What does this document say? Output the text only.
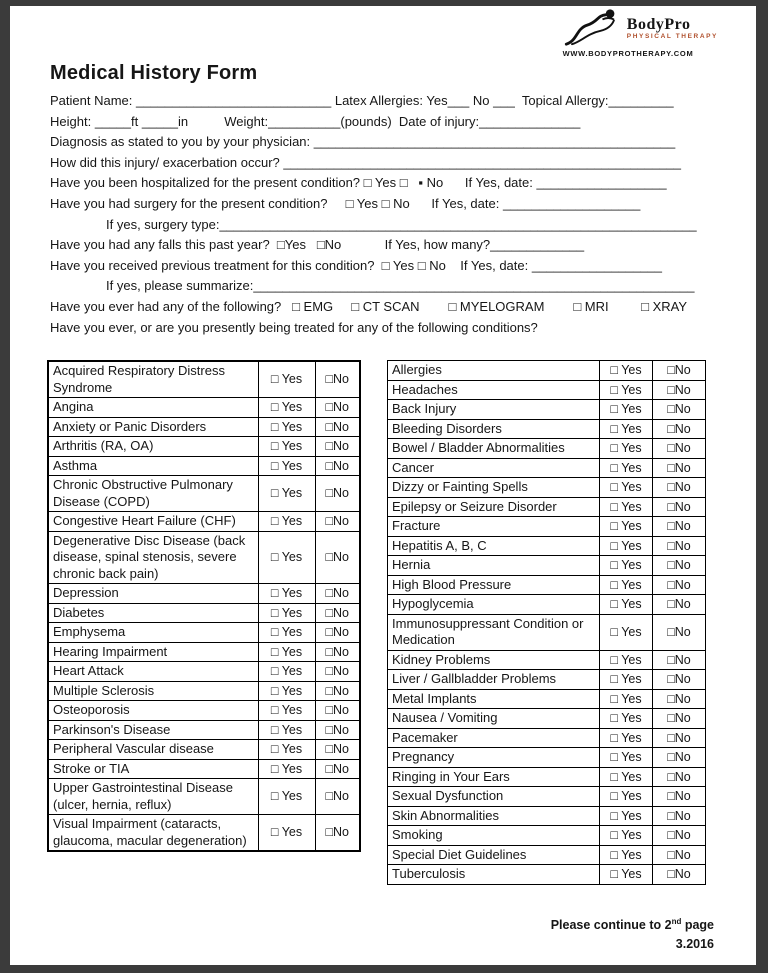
BodyPro
PHYSICAL THERAPY
WWW.BODYPROTHERAPY.COM
Medical History Form
Patient Name: ___________________________ Latex Allergies: Yes___ No ___  Topical Allergy:_________
Height: _____ft _____in	Weight:__________(pounds)  Date of injury:______________
Diagnosis as stated to you by your physician: __________________________________________________
How did this injury/ exacerbation occur? _______________________________________________________
Have you been hospitalized for the present condition? □ Yes □   ▪ No If Yes, date: __________________
Have you had surgery for the present condition?     □ Yes □ No If Yes, date: ___________________
If yes, surgery type:__________________________________________________________________
Have you had any falls this past year?  □Yes □No	If Yes, how many?_____________
Have you received previous treatment for this condition?  □ Yes □ No If Yes, date: __________________
If yes, please summarize:_____________________________________________________________
Have you ever had any of the following?   □ EMG □ CT SCAN □ MYELOGRAM □ MRI	□ XRAY
Have you ever, or are you presently being treated for any of the following conditions?
Acquired Respiratory Distress Syndrome	□ Yes	□No
Angina	□ Yes	□No
Anxiety or Panic Disorders	□ Yes	□No
Arthritis (RA, OA)	□ Yes	□No
Asthma	□ Yes	□No
Chronic Obstructive Pulmonary Disease (COPD)	□ Yes	□No
Congestive Heart Failure (CHF)	□ Yes	□No
Degenerative Disc Disease (back disease, spinal stenosis, severe chronic back pain)	□ Yes	□No
Depression	□ Yes	□No
Diabetes	□ Yes	□No
Emphysema	□ Yes	□No
Hearing Impairment	□ Yes	□No
Heart Attack	□ Yes	□No
Multiple Sclerosis	□ Yes	□No
Osteoporosis	□ Yes	□No
Parkinson's Disease	□ Yes	□No
Peripheral Vascular disease	□ Yes	□No
Stroke or TIA	□ Yes	□No
Upper Gastrointestinal Disease (ulcer, hernia, reflux)	□ Yes	□No
Visual Impairment (cataracts, glaucoma, macular degeneration)	□ Yes	□No
Allergies	□ Yes	□No
Headaches	□ Yes	□No
Back Injury	□ Yes	□No
Bleeding Disorders	□ Yes	□No
Bowel / Bladder Abnormalities	□ Yes	□No
Cancer	□ Yes	□No
Dizzy or Fainting Spells	□ Yes	□No
Epilepsy or Seizure Disorder	□ Yes	□No
Fracture	□ Yes	□No
Hepatitis A, B, C	□ Yes	□No
Hernia	□ Yes	□No
High Blood Pressure	□ Yes	□No
Hypoglycemia	□ Yes	□No
Immunosuppressant Condition or Medication	□ Yes	□No
Kidney Problems	□ Yes	□No
Liver / Gallbladder Problems	□ Yes	□No
Metal Implants	□ Yes	□No
Nausea / Vomiting	□ Yes	□No
Pacemaker	□ Yes	□No
Pregnancy	□ Yes	□No
Ringing in Your Ears	□ Yes	□No
Sexual Dysfunction	□ Yes	□No
Skin Abnormalities	□ Yes	□No
Smoking	□ Yes	□No
Special Diet Guidelines	□ Yes	□No
Tuberculosis	□ Yes	□No
Please continue to 2nd page
3.2016
